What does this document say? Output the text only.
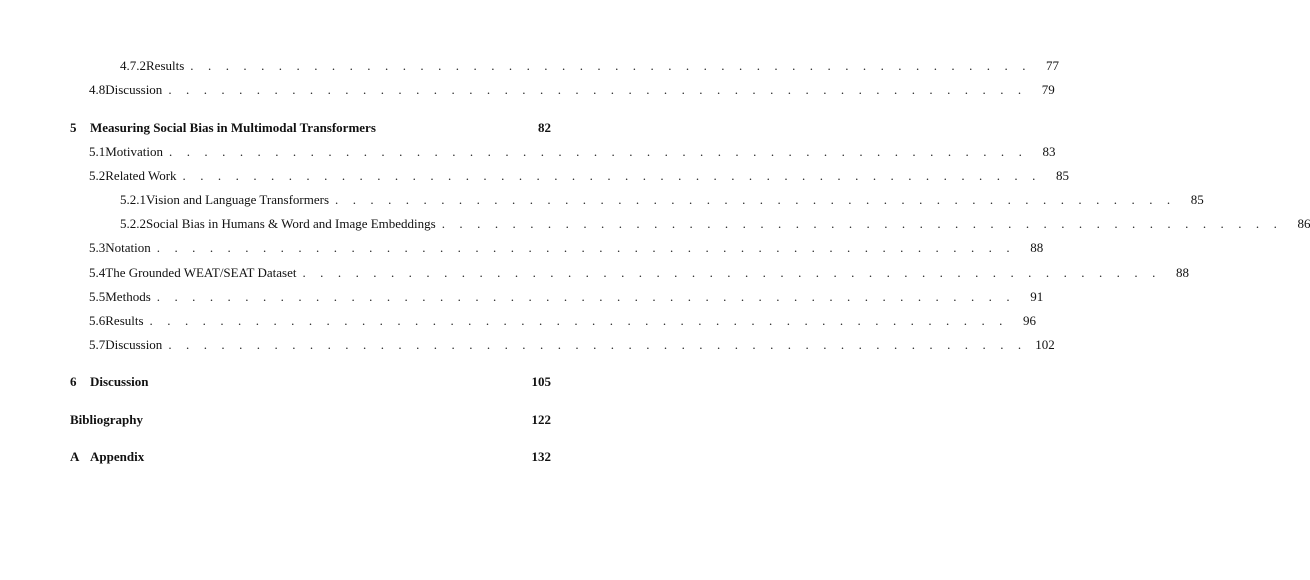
4.7.2 Results . . . . . . . . . . . . . . . . . . . . . . . . . . . . . . . . . . . . . . . . . . . . . . . .	77
4.8 Discussion . . . . . . . . . . . . . . . . . . . . . . . . . . . . . . . . . . . . . . . . . . . . . . . . .	79
5	Measuring Social Bias in Multimodal Transformers	82
5.1 Motivation . . . . . . . . . . . . . . . . . . . . . . . . . . . . . . . . . . . . . . . . . . . . . . . . .	83
5.2 Related Work . . . . . . . . . . . . . . . . . . . . . . . . . . . . . . . . . . . . . . . . . . . . . . . . .	85
5.2.1 Vision and Language Transformers . . . . . . . . . . . . . . . . . . . . . . . . . . . . . . . . . . . . . . . . . . . . . . . .	85
5.2.2 Social Bias in Humans & Word and Image Embeddings . . . . . . . . . . . . . . . . . . . . . . . . . . . . . . . . . . . . . . . . . . . . . . . .	86
5.3 Notation . . . . . . . . . . . . . . . . . . . . . . . . . . . . . . . . . . . . . . . . . . . . . . . . .	88
5.4 The Grounded WEAT/SEAT Dataset . . . . . . . . . . . . . . . . . . . . . . . . . . . . . . . . . . . . . . . . . . . . . . . . .	88
5.5 Methods . . . . . . . . . . . . . . . . . . . . . . . . . . . . . . . . . . . . . . . . . . . . . . . . .	91
5.6 Results . . . . . . . . . . . . . . . . . . . . . . . . . . . . . . . . . . . . . . . . . . . . . . . . .	96
5.7 Discussion . . . . . . . . . . . . . . . . . . . . . . . . . . . . . . . . . . . . . . . . . . . . . . . . . 102
6	Discussion	105
Bibliography	122
A Appendix	132
